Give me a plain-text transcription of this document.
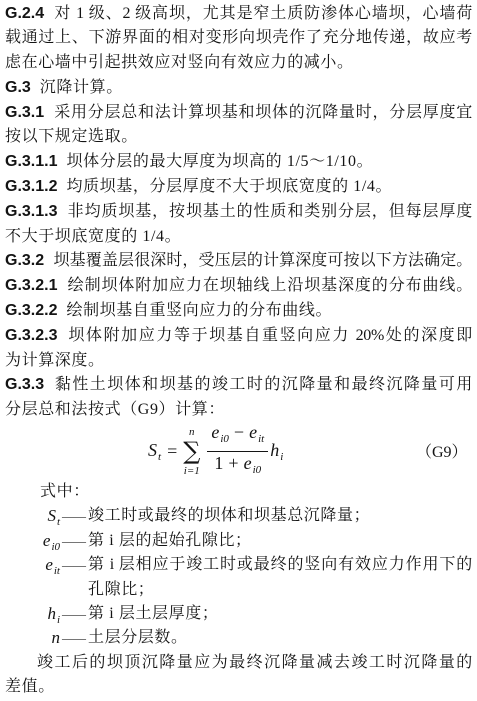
G.2.4 对 1 级、2 级高坝，尤其是窄土质防渗体心墙坝，心墙荷
载通过上、下游界面的相对变形向坝壳作了充分地传递，故应考
虑在心墙中引起拱效应对竖向有效应力的减小。
G.3 沉降计算。
G.3.1 采用分层总和法计算坝基和坝体的沉降量时，分层厚度宜
按以下规定选取。
G.3.1.1 坝体分层的最大厚度为坝高的 1/5～1/10。
G.3.1.2 均质坝基，分层厚度不大于坝底宽度的 1/4。
G.3.1.3 非均质坝基，按坝基土的性质和类别分层，但每层厚度
不大于坝底宽度的 1/4。
G.3.2 坝基覆盖层很深时，受压层的计算深度可按以下方法确定。
G.3.2.1 绘制坝体附加应力在坝轴线上沿坝基深度的分布曲线。
G.3.2.2 绘制坝基自重竖向应力的分布曲线。
G.3.2.3 坝体附加应力等于坝基自重竖向应力 20%处的深度即
为计算深度。
G.3.3 黏性土坝体和坝基的竣工时的沉降量和最终沉降量可用
分层总和法按式（G9）计算：
$S_t$ =
n
∑
$i=1 \frac{e_{i0} - e_{it}}{1 + e_{i0}} h_i$	（G9）
式中：
$S_t$ —— 竣工时或最终的坝体和坝基总沉降量；
$e_{i0}$ —— 第 i 层的起始孔隙比；
$e_{it}$ —— 第 i 层相应于竣工时或最终的竖向有效应力作用下的
孔隙比；
$h_i$ —— 第 i 层土层厚度；
n —— 土层分层数。
竣工后的坝顶沉降量应为最终沉降量减去竣工时沉降量的
差值。
